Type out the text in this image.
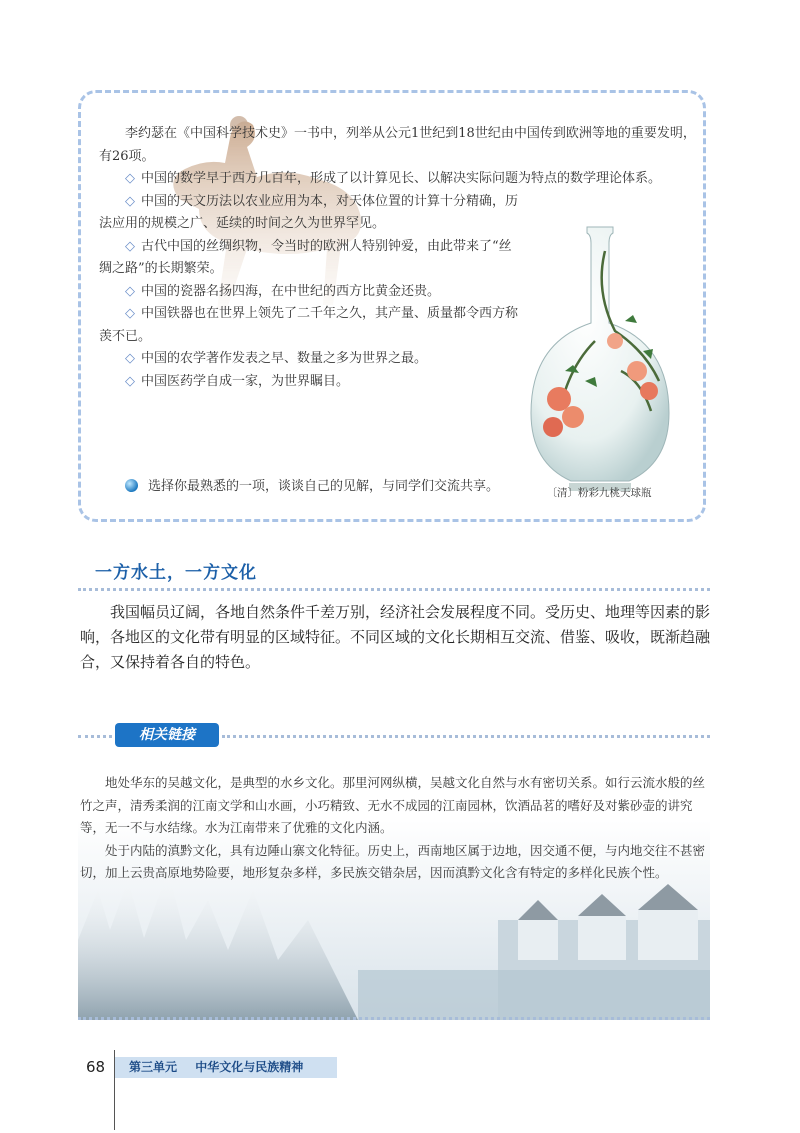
李约瑟在《中国科学技术史》一书中，列举从公元1世纪到18世纪由中国传到欧洲等地的重要发明，有26项。

◇ 中国的数学早于西方几百年，形成了以计算见长、以解决实际问题为特点的数学理论体系。

◇ 中国的天文历法以农业应用为本，对天体位置的计算十分精确，历法应用的规模之广、延续的时间之久为世界罕见。

◇ 古代中国的丝绸织物，令当时的欧洲人特别钟爱，由此带来了“丝绸之路”的长期繁荣。

◇ 中国的瓷器名扬四海，在中世纪的西方比黄金还贵。

◇ 中国铁器也在世界上领先了二千年之久，其产量、质量都令西方称羡不已。

◇ 中国的农学著作发表之早、数量之多为世界之最。

◇ 中国医药学自成一家，为世界瞩目。

选择你最熟悉的一项，谈谈自己的见解，与同学们交流共享。	〔清〕粉彩九桃天球瓶
一方水土，一方文化

我国幅员辽阔，各地自然条件千差万别，经济社会发展程度不同。受历史、地理等因素的影响，各地区的文化带有明显的区域特征。不同区域的文化长期相互交流、借鉴、吸收，既渐趋融合，又保持着各自的特色。

相关链接

地处华东的吴越文化，是典型的水乡文化。那里河网纵横，吴越文化自然与水有密切关系。如行云流水般的丝竹之声，清秀柔润的江南文学和山水画，小巧精致、无水不成园的江南园林，饮酒品茗的嗜好及对紫砂壶的讲究等，无一不与水结缘。水为江南带来了优雅的文化内涵。

处于内陆的滇黔文化，具有边陲山寨文化特征。历史上，西南地区属于边地，因交通不便，与内地交往不甚密切，加上云贵高原地势险要，地形复杂多样，多民族交错杂居，因而滇黔文化含有特定的多样化民族个性。

68	第三单元 中华文化与民族精神
